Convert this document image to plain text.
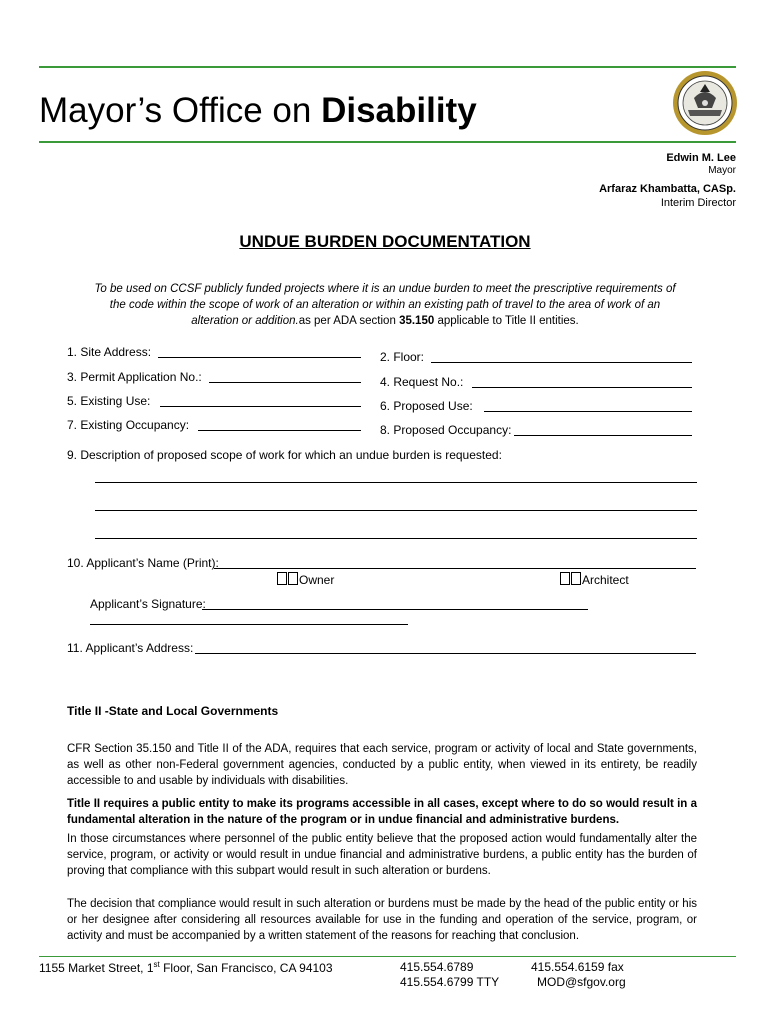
Mayor’s Office on Disability
Edwin M. Lee
Mayor
Arfaraz Khambatta, CASp.
Interim Director
UNDUE BURDEN DOCUMENTATION
To be used on CCSF publicly funded projects where it is an undue burden to meet the prescriptive requirements of the code within the scope of work of an alteration or within an existing path of travel to the area of work of an alteration or addition.as per ADA section 35.150 applicable to Title II entities.
1. Site Address:	2. Floor:
3. Permit Application No.:	4. Request No.:
5. Existing Use:	6. Proposed Use:
7. Existing Occupancy:	8. Proposed Occupancy:
9. Description of proposed scope of work for which an undue burden is requested:
10. Applicant’s Name (Print):
Owner	Architect
Applicant’s Signature:
11. Applicant’s Address:
Title II -State and Local Governments
CFR Section 35.150 and Title II of the ADA, requires that each service, program or activity of local and State governments, as well as other non-Federal government agencies, conducted by a public entity, when viewed in its entirety, be readily accessible to and usable by individuals with disabilities.
Title II requires a public entity to make its programs accessible in all cases, except where to do so would result in a fundamental alteration in the nature of the program or in undue financial and administrative burdens.
In those circumstances where personnel of the public entity believe that the proposed action would fundamentally alter the service, program, or activity or would result in undue financial and administrative burdens, a public entity has the burden of proving that compliance with this subpart would result in such alteration or burdens.
The decision that compliance would result in such alteration or burdens must be made by the head of the public entity or his or her designee after considering all resources available for use in the funding and operation of the service, program, or activity and must be accompanied by a written statement of the reasons for reaching that conclusion.
1155 Market Street, 1st Floor, San Francisco, CA 94103	415.554.6789
415.554.6799 TTY
415.554.6159 fax
MOD@sfgov.org
